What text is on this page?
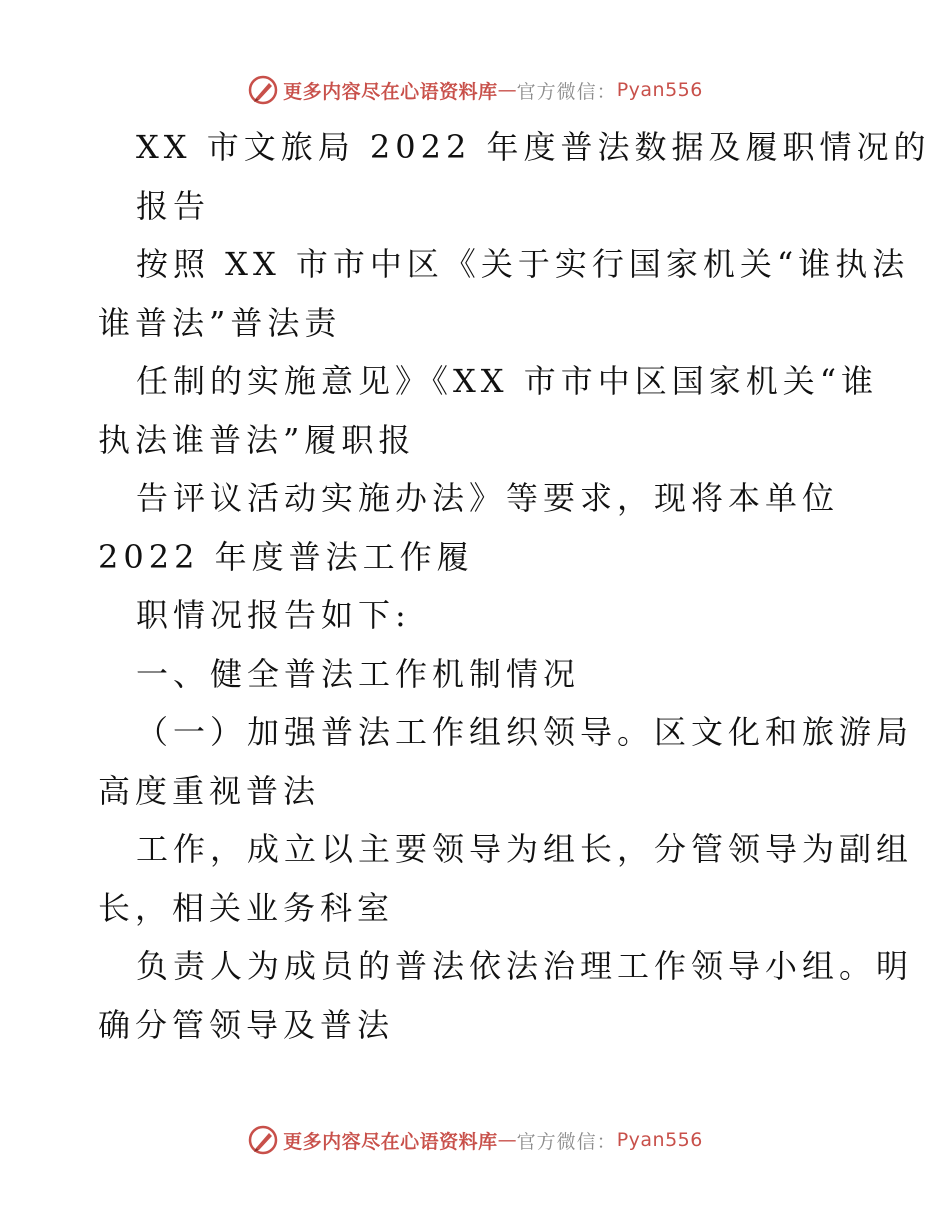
更多内容尽在心语资料库 — 官方微信： Pyan556
XX 市文旅局 2022 年度普法数据及履职情况的
报告
按照 XX 市市中区《关于实行国家机关“谁执法
谁普法”普法责
任制的实施意见》《XX 市市中区国家机关“谁
执法谁普法”履职报
告评议活动实施办法》等要求，现将本单位
2022 年度普法工作履
职情况报告如下:
一、健全普法工作机制情况
（一）加强普法工作组织领导。区文化和旅游局
高度重视普法
工作，成立以主要领导为组长，分管领导为副组
长，相关业务科室
负责人为成员的普法依法治理工作领导小组。明
确分管领导及普法
更多内容尽在心语资料库 — 官方微信： Pyan556
